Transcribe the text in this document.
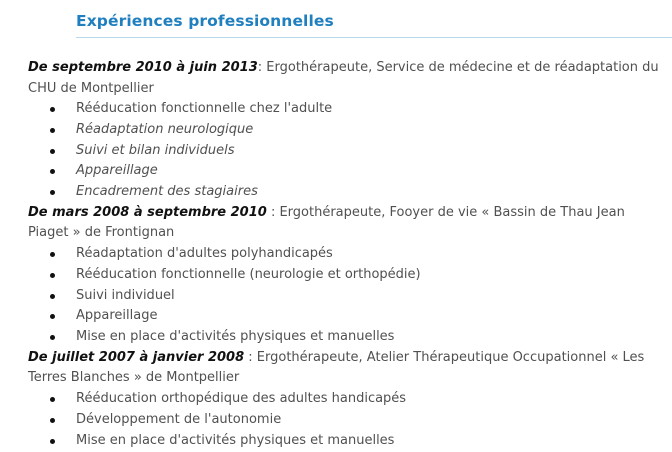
Expériences professionnelles
De septembre 2010 à juin 2013: Ergothérapeute, Service de médecine et de réadaptation du CHU de Montpellier
Rééducation fonctionnelle chez l'adulte
Réadaptation neurologique
Suivi et bilan individuels
Appareillage
Encadrement des stagiaires
De mars 2008 à septembre 2010 : Ergothérapeute, Fooyer de vie « Bassin de Thau Jean Piaget » de Frontignan
Réadaptation d'adultes polyhandicapés
Rééducation fonctionnelle (neurologie et orthopédie)
Suivi individuel
Appareillage
Mise en place d'activités physiques et manuelles
De juillet 2007 à janvier 2008 : Ergothérapeute, Atelier Thérapeutique Occupationnel « Les Terres Blanches » de Montpellier
Rééducation orthopédique des adultes handicapés
Développement de l'autonomie
Mise en place d'activités physiques et manuelles
